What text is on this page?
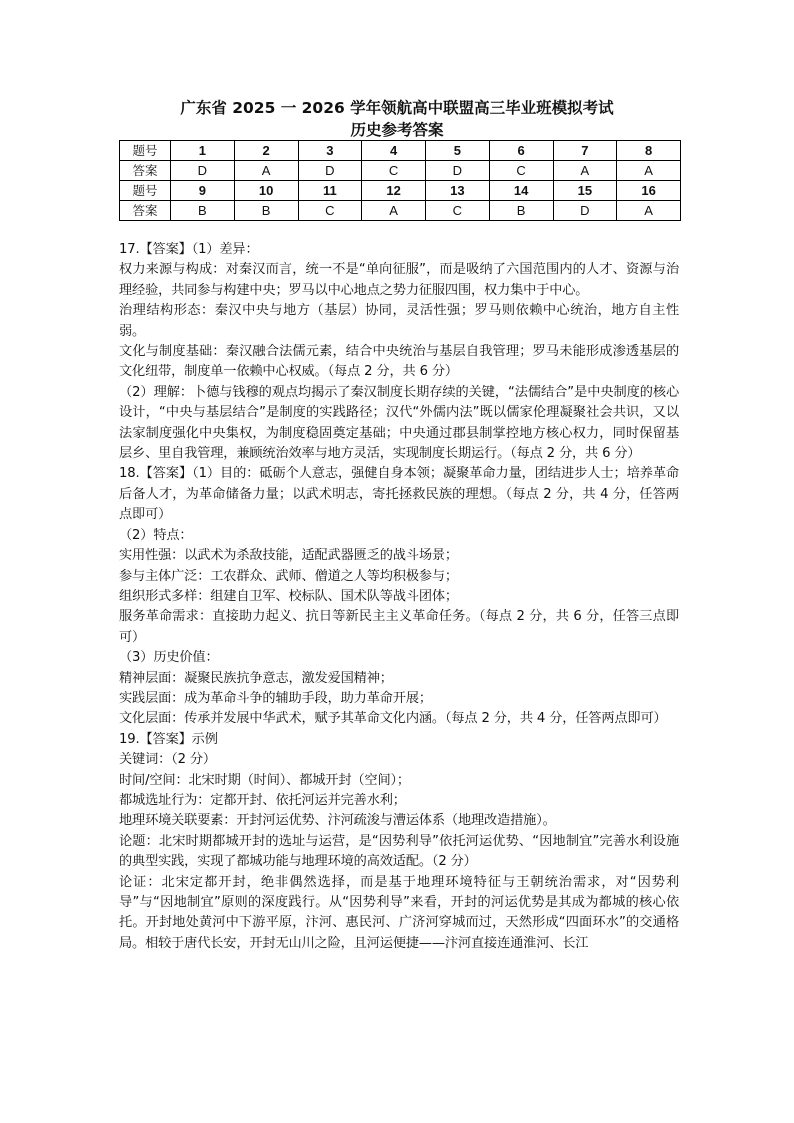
广东省 2025 一 2026 学年领航高中联盟高三毕业班模拟考试
历史参考答案
题号	1	2	3	4	5	6	7	8
答案	D	A	D	C	D	C	A	A
题号	9	10	11	12	13	14	15	16
答案	B	B	C	A	C	B	D	A

17.【答案】（1）差异：

权力来源与构成：对秦汉而言，统一不是“单向征服”，而是吸纳了六国范围内的人才、资源与治理经验，共同参与构建中央；罗马以中心地点之势力征服四围，权力集中于中心。

治理结构形态：秦汉中央与地方（基层）协同，灵活性强；罗马则依赖中心统治，地方自主性弱。

文化与制度基础：秦汉融合法儒元素，结合中央统治与基层自我管理；罗马未能形成渗透基层的文化纽带，制度单一依赖中心权威。（每点 2 分，共 6 分）

（2）理解：卜德与钱穆的观点均揭示了秦汉制度长期存续的关键，“法儒结合”是中央制度的核心设计，“中央与基层结合”是制度的实践路径；汉代“外儒内法”既以儒家伦理凝聚社会共识，又以法家制度强化中央集权，为制度稳固奠定基础；中央通过郡县制掌控地方核心权力，同时保留基层乡、里自我管理，兼顾统治效率与地方灵活，实现制度长期运行。（每点 2 分，共 6 分）

18.【答案】（1）目的：砥砺个人意志，强健自身本领；凝聚革命力量，团结进步人士；培养革命后备人才，为革命储备力量；以武术明志，寄托拯救民族的理想。（每点 2 分，共 4 分，任答两点即可）

（2）特点：

实用性强：以武术为杀敌技能，适配武器匮乏的战斗场景；

参与主体广泛：工农群众、武师、僧道之人等均积极参与；

组织形式多样：组建自卫军、校标队、国术队等战斗团体；

服务革命需求：直接助力起义、抗日等新民主主义革命任务。（每点 2 分，共 6 分，任答三点即可）

（3）历史价值：

精神层面：凝聚民族抗争意志，激发爱国精神；

实践层面：成为革命斗争的辅助手段，助力革命开展；

文化层面：传承并发展中华武术，赋予其革命文化内涵。（每点 2 分，共 4 分，任答两点即可）

19.【答案】示例

关键词：（2 分）

时间/空间：北宋时期（时间）、都城开封（空间）；

都城选址行为：定都开封、依托河运并完善水利；

地理环境关联要素：开封河运优势、汴河疏浚与漕运体系（地理改造措施）。

论题：北宋时期都城开封的选址与运营，是“因势利导”依托河运优势、“因地制宜”完善水利设施的典型实践，实现了都城功能与地理环境的高效适配。（2 分）

论证：北宋定都开封，绝非偶然选择，而是基于地理环境特征与王朝统治需求，对“因势利导”与“因地制宜”原则的深度践行。从“因势利导”来看，开封的河运优势是其成为都城的核心依托。开封地处黄河中下游平原，汴河、惠民河、广济河穿城而过，天然形成“四面环水”的交通格局。相较于唐代长安，开封无山川之险，且河运便捷——汴河直接连通淮河、长江
